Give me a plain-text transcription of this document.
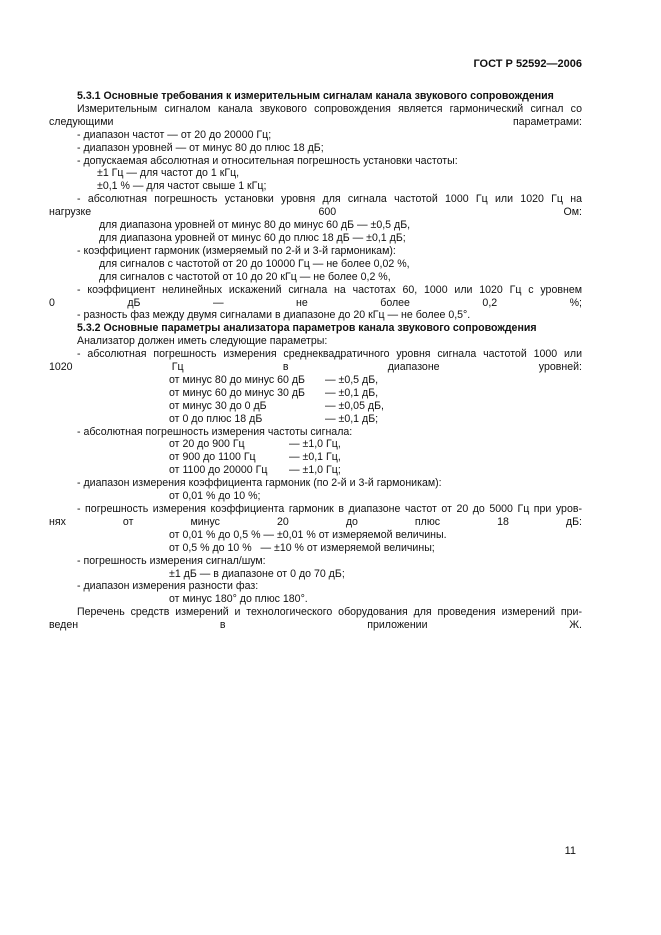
ГОСТ Р 52592—2006

5.3.1 Основные требования к измерительным сигналам канала звукового сопровождения

Измерительным сигналом канала звукового сопровождения является гармонический сигнал со
следующими параметрами:

- диапазон частот — от 20 до 20000 Гц;

- диапазон уровней — от минус 80 до плюс 18 дБ;

- допускаемая абсолютная и относительная погрешность установки частоты:

±1 Гц — для частот до 1 кГц,

±0,1 % — для частот свыше 1 кГц;

- абсолютная погрешность установки уровня для сигнала частотой 1000 Гц или 1020 Гц на
нагрузке 600 Ом:

для диапазона уровней от минус 80 до минус 60 дБ — ±0,5 дБ,

для диапазона уровней от минус 60 до плюс 18 дБ — ±0,1 дБ;

- коэффициент гармоник (измеряемый по 2-й и 3-й гармоникам):

для сигналов с частотой от 20 до 10000 Гц — не более 0,02 %,

для сигналов с частотой от 10 до 20 кГц — не более 0,2 %,

- коэффициент нелинейных искажений сигнала на частотах 60, 1000 или 1020 Гц с уровнем
0 дБ — не более 0,2 %;

- разность фаз между двумя сигналами в диапазоне до 20 кГц — не более 0,5°.

5.3.2 Основные параметры анализатора параметров канала звукового сопровождения

Анализатор должен иметь следующие параметры:

- абсолютная погрешность измерения среднеквадратичного уровня сигнала частотой 1000 или
1020 Гц в диапазоне уровней:

от минус 80 до минус 60 дБ	— ±0,5 дБ,
от минус 60 до минус 30 дБ	— ±0,1 дБ,
от минус 30 до 0 дБ	— ±0,05 дБ,
от 0 до плюс 18 дБ	— ±0,1 дБ;

- абсолютная погрешность измерения частоты сигнала:

от 20 до 900 Гц	— ±1,0 Гц,
от 900 до 1100 Гц	— ±0,1 Гц,
от 1100 до 20000 Гц	— ±1,0 Гц;

- диапазон измерения коэффициента гармоник (по 2-й и 3-й гармоникам):

от 0,01 % до 10 %;

- погрешность измерения коэффициента гармоник в диапазоне частот от 20 до 5000 Гц при уров-
нях от минус 20 до плюс 18 дБ:

от 0,01 % до 0,5 % — ±0,01 % от измеряемой величины.

от 0,5 % до 10 %   — ±10 % от измеряемой величины;

- погрешность измерения сигнал/шум:

±1 дБ — в диапазоне от 0 до 70 дБ;

- диапазон измерения разности фаз:

от минус 180° до плюс 180°.

Перечень средств измерений и технологического оборудования для проведения измерений при-
веден в приложении Ж.

11
